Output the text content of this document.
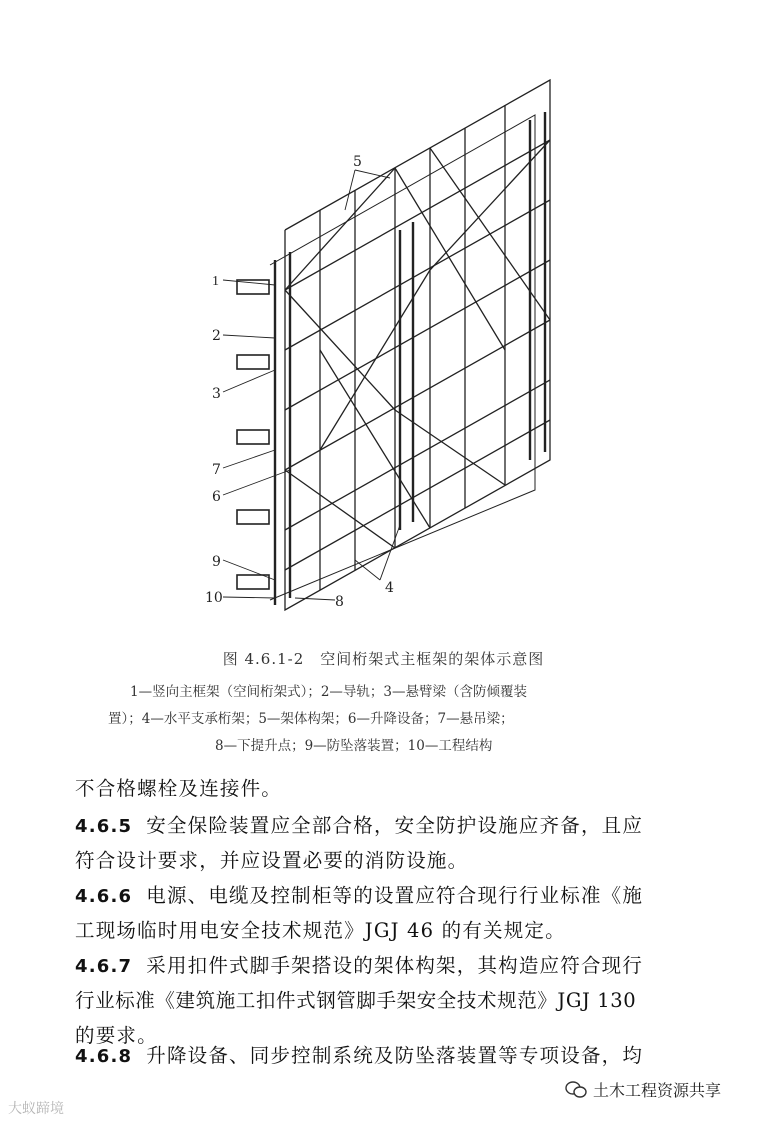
1
2
3
7
6
9
10
5
4
8
图 4.6.1-2　空间桁架式主框架的架体示意图
1—竖向主框架（空间桁架式）；2—导轨；3—悬臂梁（含防倾覆装
置）；4—水平支承桁架；5—架体构架；6—升降设备；7—悬吊梁；
8—下提升点；9—防坠落装置；10—工程结构
不合格螺栓及连接件。
4.6.5 安全保险装置应全部合格，安全防护设施应齐备，且应
符合设计要求，并应设置必要的消防设施。
4.6.6 电源、电缆及控制柜等的设置应符合现行行业标准《施
工现场临时用电安全技术规范》JGJ 46 的有关规定。
4.6.7 采用扣件式脚手架搭设的架体构架，其构造应符合现行
行业标准《建筑施工扣件式钢管脚手架安全技术规范》JGJ 130
的要求。
4.6.8 升降设备、同步控制系统及防坠落装置等专项设备，均
大蚁蹄境
土木工程资源共享
